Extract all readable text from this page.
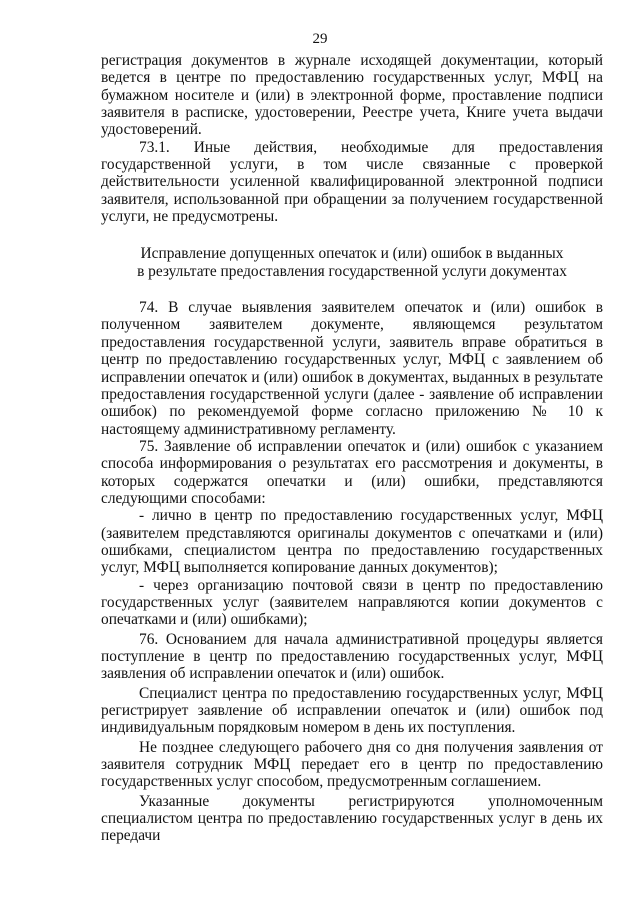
29

регистрация документов в журнале исходящей документации, который ведется в центре по предоставлению государственных услуг, МФЦ на бумажном носителе и (или) в электронной форме, проставление подписи заявителя в расписке, удостоверении, Реестре учета, Книге учета выдачи удостоверений.

73.1. Иные действия, необходимые для предоставления государственной услуги, в том числе связанные с проверкой действительности усиленной квалифицированной электронной подписи заявителя, использованной при обращении за получением государственной услуги, не предусмотрены.

Исправление допущенных опечаток и (или) ошибок в выданных
в результате предоставления государственной услуги документах

74. В случае выявления заявителем опечаток и (или) ошибок в полученном заявителем документе, являющемся результатом предоставления государственной услуги, заявитель вправе обратиться в центр по предоставлению государственных услуг, МФЦ с заявлением об исправлении опечаток и (или) ошибок в документах, выданных в результате предоставления государственной услуги (далее - заявление об исправлении ошибок) по рекомендуемой форме согласно приложению № 10 к настоящему административному регламенту.

75. Заявление об исправлении опечаток и (или) ошибок с указанием способа информирования о результатах его рассмотрения и документы, в которых содержатся опечатки и (или) ошибки, представляются следующими способами:

- лично в центр по предоставлению государственных услуг, МФЦ (заявителем представляются оригиналы документов с опечатками и (или) ошибками, специалистом центра по предоставлению государственных услуг, МФЦ выполняется копирование данных документов);

- через организацию почтовой связи в центр по предоставлению государственных услуг (заявителем направляются копии документов с опечатками и (или) ошибками);

76. Основанием для начала административной процедуры является поступление в центр по предоставлению государственных услуг, МФЦ заявления об исправлении опечаток и (или) ошибок.

Специалист центра по предоставлению государственных услуг, МФЦ регистрирует заявление об исправлении опечаток и (или) ошибок под индивидуальным порядковым номером в день их поступления.

Не позднее следующего рабочего дня со дня получения заявления от заявителя сотрудник МФЦ передает его в центр по предоставлению государственных услуг способом, предусмотренным соглашением.

Указанные документы регистрируются уполномоченным специалистом центра по предоставлению государственных услуг в день их передачи
